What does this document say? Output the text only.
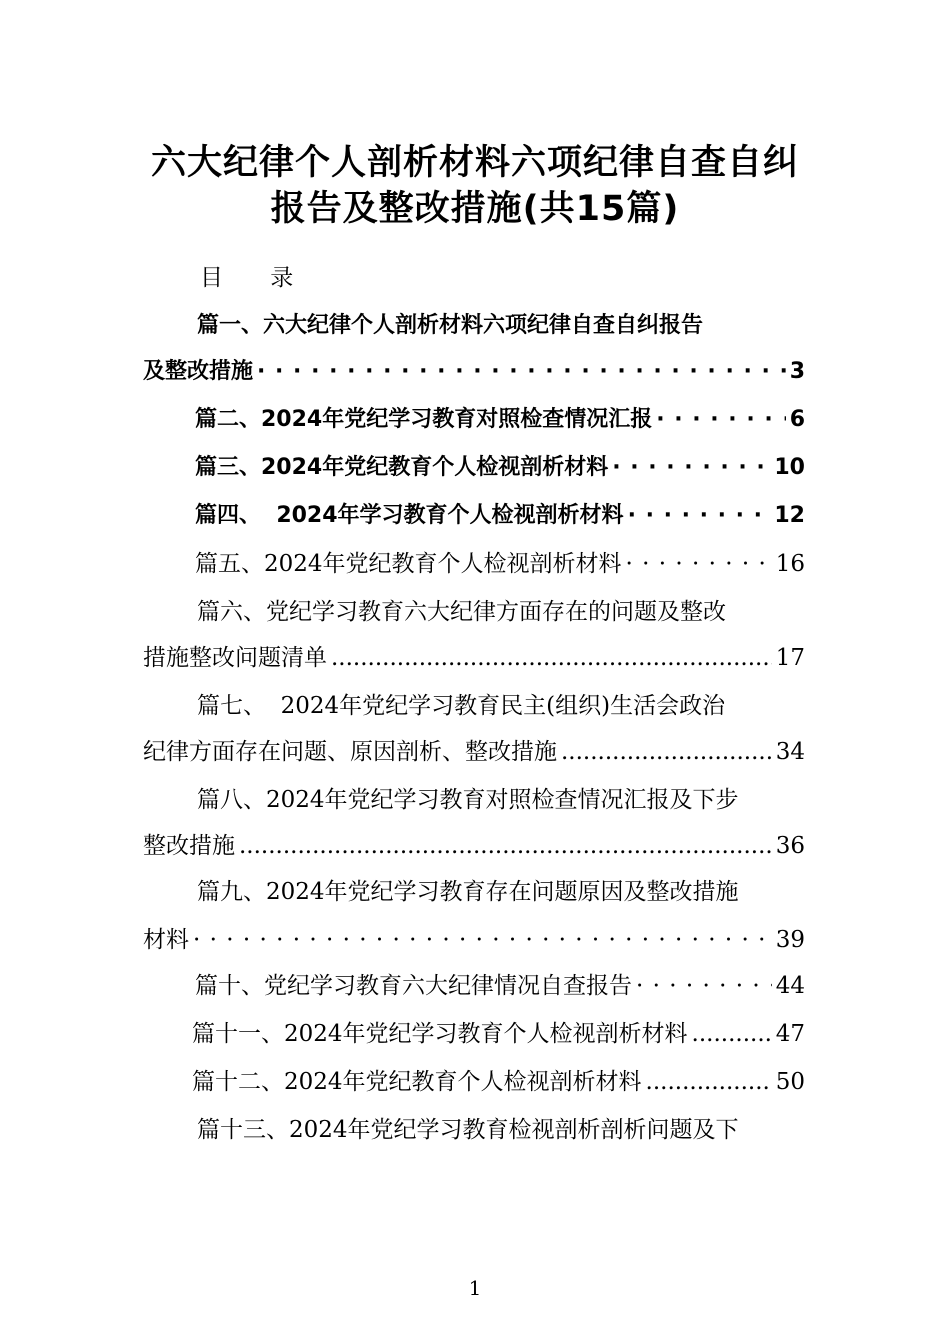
六大纪律个人剖析材料六项纪律自查自纠
报告及整改措施(共15篇)
目 录
篇一、六大纪律个人剖析材料六项纪律自查自纠报告
及整改措施 · · ·	3
篇二、2024年党纪学习教育对照检查情况汇报 · · ·	6
篇三、2024年党纪教育个人检视剖析材料 · · ·	10
篇四、  2024年学习教育个人检视剖析材料 · · ·	12
篇五、2024年党纪教育个人检视剖析材料 · · ·	16
篇六、党纪学习教育六大纪律方面存在的问题及整改
措施整改问题清单 .....	17
篇七、  2024年党纪学习教育民主(组织)生活会政治
纪律方面存在问题、原因剖析、整改措施 .....	34
篇八、2024年党纪学习教育对照检查情况汇报及下步
整改措施 .....	36
篇九、2024年党纪学习教育存在问题原因及整改措施
材料 · · ·	39
篇十、党纪学习教育六大纪律情况自查报告 · · ·	44
篇十一、2024年党纪学习教育个人检视剖析材料 .....	47
篇十二、2024年党纪教育个人检视剖析材料 .....	50
篇十三、2024年党纪学习教育检视剖析剖析问题及下
1
